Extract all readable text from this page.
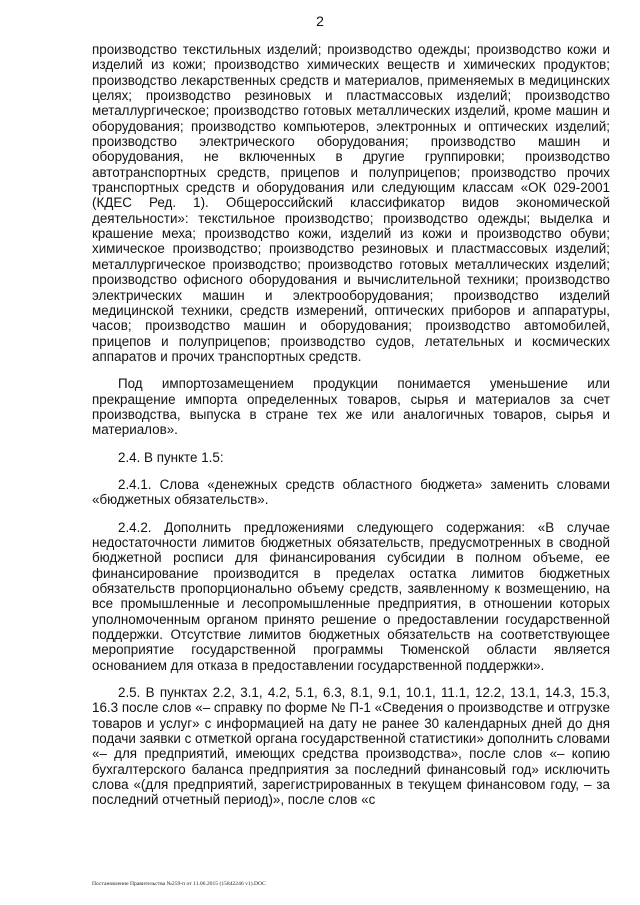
2

производство текстильных изделий; производство одежды; производство кожи и изделий из кожи; производство химических веществ и химических продуктов; производство лекарственных средств и материалов, применяемых в медицинских целях; производство резиновых и пластмассовых изделий; производство металлургическое; производство готовых металлических изделий, кроме машин и оборудования; производство компьютеров, электронных и оптических изделий; производство электрического оборудования; производство машин и оборудования, не включенных в другие группировки; производство автотранспортных средств, прицепов и полуприцепов; производство прочих транспортных средств и оборудования или следующим классам «ОК 029-2001 (КДЕС Ред. 1). Общероссийский классификатор видов экономической деятельности»: текстильное производство; производство одежды; выделка и крашение меха; производство кожи, изделий из кожи и производство обуви; химическое производство; производство резиновых и пластмассовых изделий; металлургическое производство; производство готовых металлических изделий; производство офисного оборудования и вычислительной техники; производство электрических машин и электрооборудования; производство изделий медицинской техники, средств измерений, оптических приборов и аппаратуры, часов; производство машин и оборудования; производство автомобилей, прицепов и полуприцепов; производство судов, летательных и космических аппаратов и прочих транспортных средств.

Под импортозамещением продукции понимается уменьшение или прекращение импорта определенных товаров, сырья и материалов за счет производства, выпуска в стране тех же или аналогичных товаров, сырья и материалов».

2.4. В пункте 1.5:

2.4.1. Слова «денежных средств областного бюджета» заменить словами «бюджетных обязательств».

2.4.2. Дополнить предложениями следующего содержания: «В случае недостаточности лимитов бюджетных обязательств, предусмотренных в сводной бюджетной росписи для финансирования субсидии в полном объеме, ее финансирование производится в пределах остатка лимитов бюджетных обязательств пропорционально объему средств, заявленному к возмещению, на все промышленные и лесопромышленные предприятия, в отношении которых уполномоченным органом принято решение о предоставлении государственной поддержки. Отсутствие лимитов бюджетных обязательств на соответствующее мероприятие государственной программы Тюменской области является основанием для отказа в предоставлении государственной поддержки».

2.5. В пунктах 2.2, 3.1, 4.2, 5.1, 6.3, 8.1, 9.1, 10.1, 11.1, 12.2, 13.1, 14.3, 15.3, 16.3 после слов «– справку по форме № П-1 «Сведения о производстве и отгрузке товаров и услуг» с информацией на дату не ранее 30 календарных дней до дня подачи заявки с отметкой органа государственной статистики» дополнить словами «– для предприятий, имеющих средства производства», после слов «– копию бухгалтерского баланса предприятия за последний финансовый год» исключить слова «(для предприятий, зарегистрированных в текущем финансовом году, – за последний отчетный период)», после слов «с

Постановление Правительства №259-п от 11.06.2015 (15842246 v1).DOC
